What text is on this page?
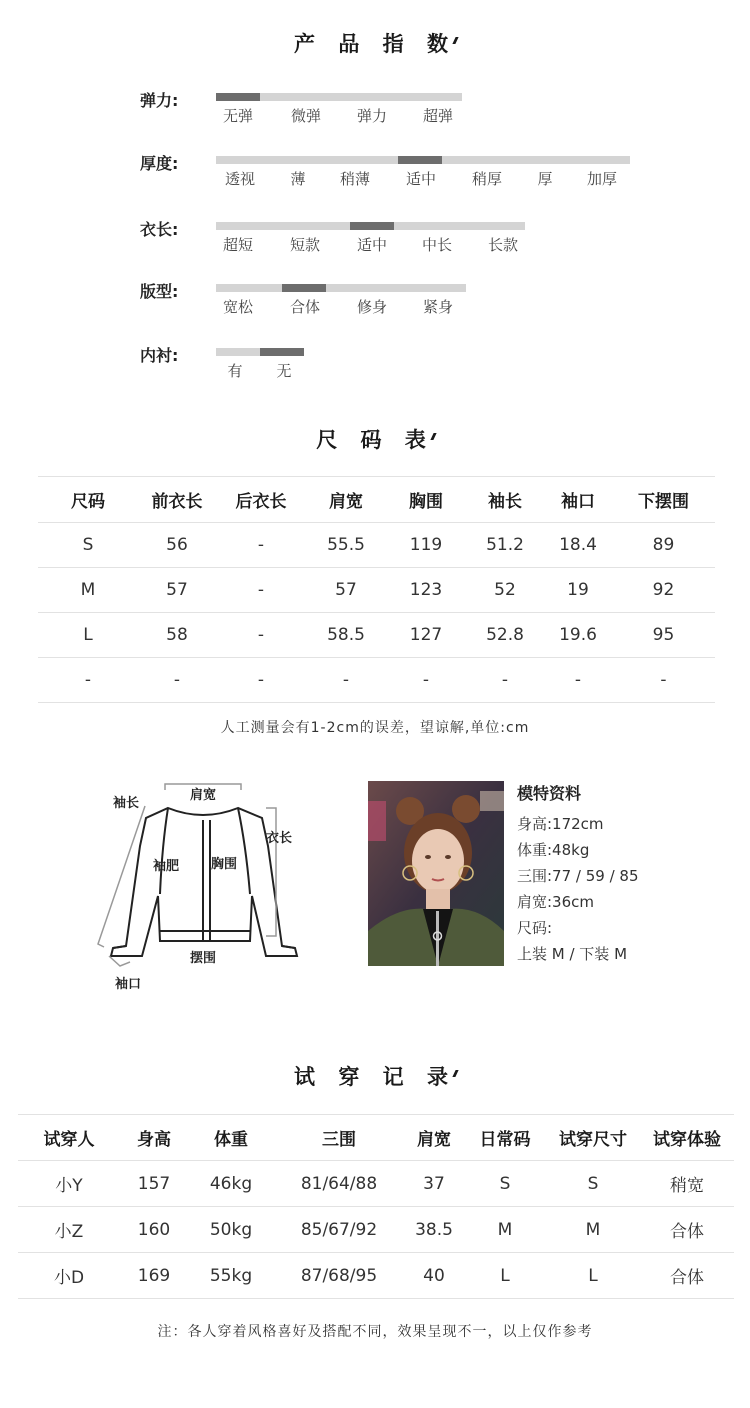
产 品 指 数
弹力:
无弹	微弹 弹力 超弹
厚度:
透视 薄 稍薄 适中 稍厚 厚 加厚
衣长:
超短 短款 适中 中长 长款
版型:
宽松 合体 修身 紧身
内衬:
有 无
尺 码 表
尺码	前衣长	后衣长	肩宽	胸围	袖长	袖口	下摆围
S	56	-	55.5	119	51.2	18.4	89
M	57	-	57	123	52	19	92
L	58	-	58.5	127	52.8	19.6	95
-	-	-	-	-	-	-	-
人工测量会有1-2cm的误差，望谅解,单位:cm
肩宽
袖长
衣长
袖肥 胸围
摆围
袖口
模特资料
身高:172cm
体重:48kg
三围:77 / 59 / 85
肩宽:36cm
尺码:
上装 M / 下装 M
试 穿 记 录
试穿人	身高	体重	三围	肩宽	日常码	试穿尺寸	试穿体验
小Y	157	46kg	81/64/88	37	S	S	稍宽
小Z	160	50kg	85/67/92	38.5	M	M	合体
小D	169	55kg	87/68/95	40	L	L	合体
注：各人穿着风格喜好及搭配不同，效果呈现不一，以上仅作参考
